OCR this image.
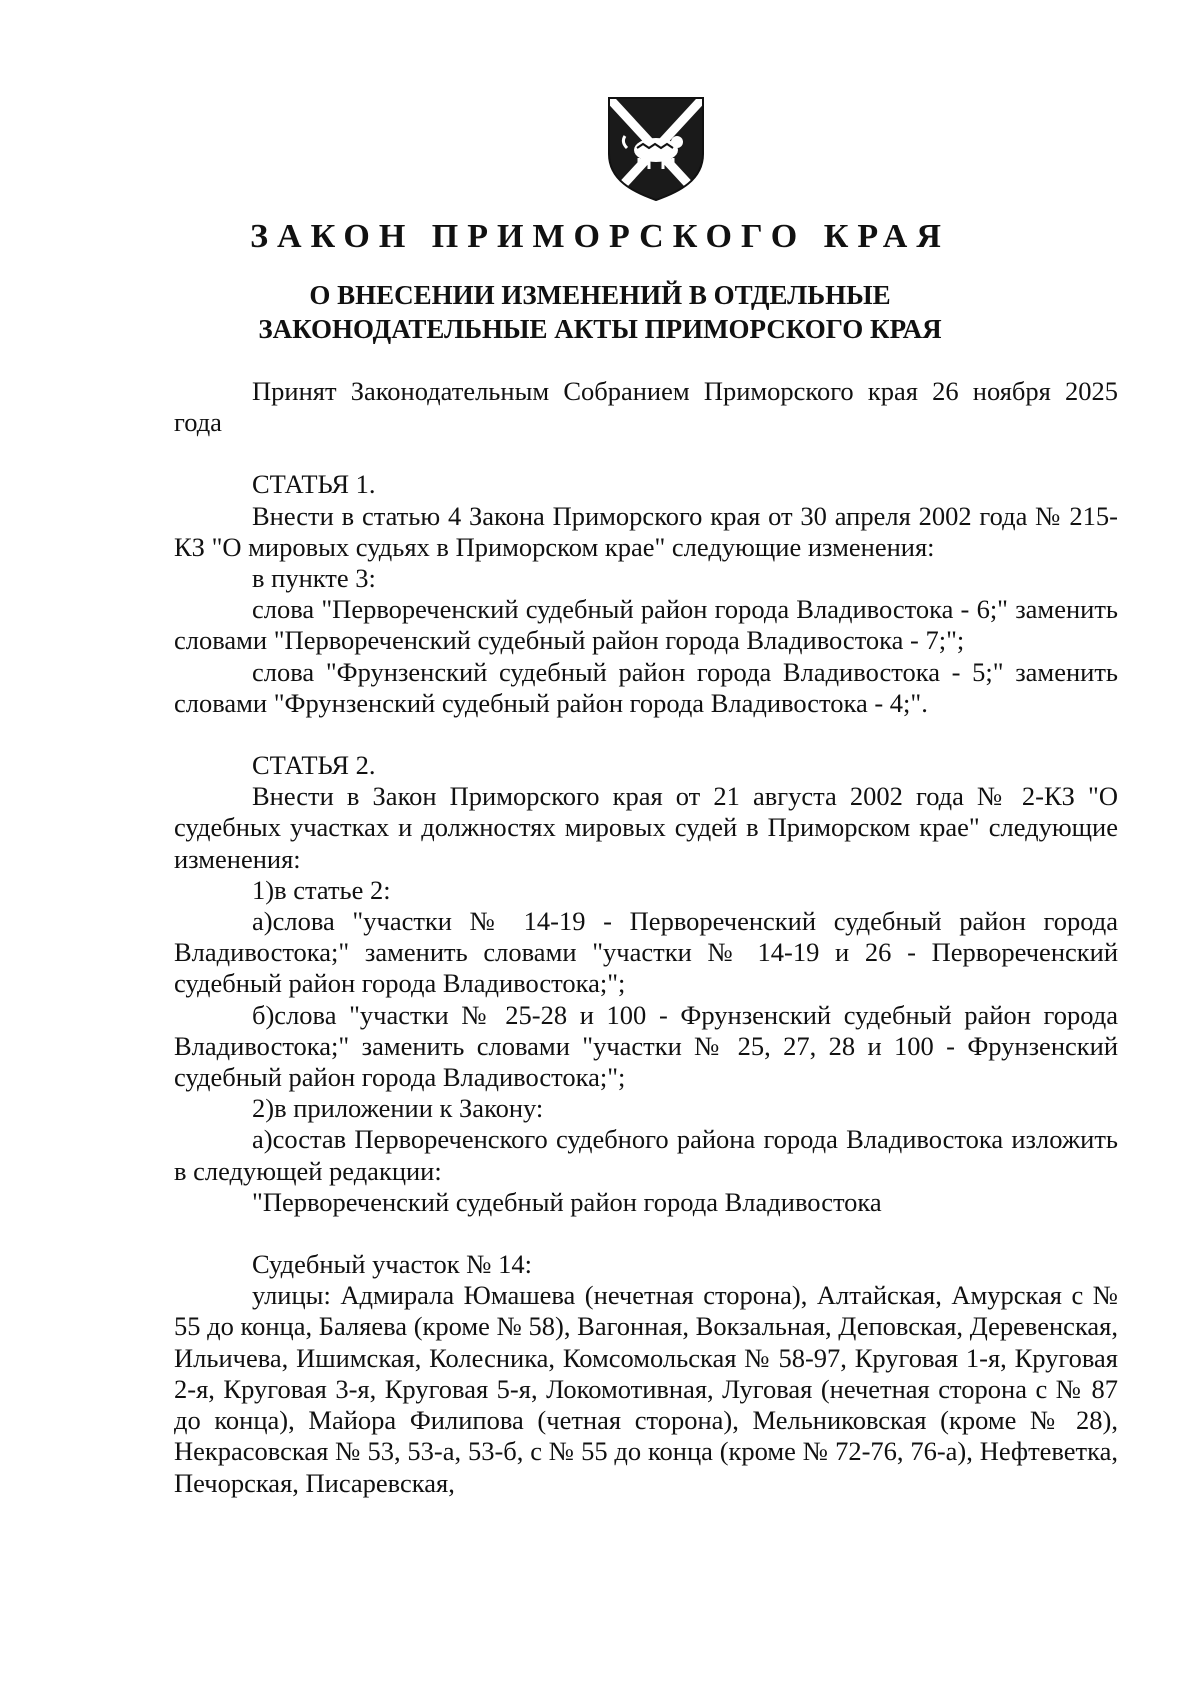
ЗАКОН ПРИМОРСКОГО КРАЯ
О ВНЕСЕНИИ ИЗМЕНЕНИЙ В ОТДЕЛЬНЫЕ
ЗАКОНОДАТЕЛЬНЫЕ АКТЫ ПРИМОРСКОГО КРАЯ

Принят Законодательным Собранием Приморского края 26 ноября 2025 года

СТАТЬЯ 1.

Внести в статью 4 Закона Приморского края от 30 апреля 2002 года № 215-КЗ "О мировых судьях в Приморском крае" следующие изменения:

в пункте 3:

слова "Первореченский судебный район города Владивостока - 6;" заменить словами "Первореченский судебный район города Владивостока - 7;";

слова "Фрунзенский судебный район города Владивостока - 5;" заменить словами "Фрунзенский судебный район города Владивостока - 4;".

СТАТЬЯ 2.

Внести в Закон Приморского края от 21 августа 2002 года № 2-КЗ "О судебных участках и должностях мировых судей в Приморском крае" следующие изменения:

1)в статье 2:

а)слова "участки № 14-19 - Первореченский судебный район города Владивостока;" заменить словами "участки № 14-19 и 26 - Первореченский судебный район города Владивостока;";

б)слова "участки № 25-28 и 100 - Фрунзенский судебный район города Владивостока;" заменить словами "участки № 25, 27, 28 и 100 - Фрунзенский судебный район города Владивостока;";

2)в приложении к Закону:

а)состав Первореченского судебного района города Владивостока изложить в следующей редакции:

"Первореченский судебный район города Владивостока

Судебный участок № 14:

улицы: Адмирала Юмашева (нечетная сторона), Алтайская, Амурская с № 55 до конца, Баляева (кроме № 58), Вагонная, Вокзальная, Деповская, Деревенская, Ильичева, Ишимская, Колесника, Комсомольская № 58-97, Круговая 1-я, Круговая 2-я, Круговая 3-я, Круговая 5-я, Локомотивная, Луговая (нечетная сторона с № 87 до конца), Майора Филипова (четная сторона), Мельниковская (кроме № 28), Некрасовская № 53, 53-а, 53-б, с № 55 до конца (кроме № 72-76, 76-а), Нефтеветка, Печорская, Писаревская,
